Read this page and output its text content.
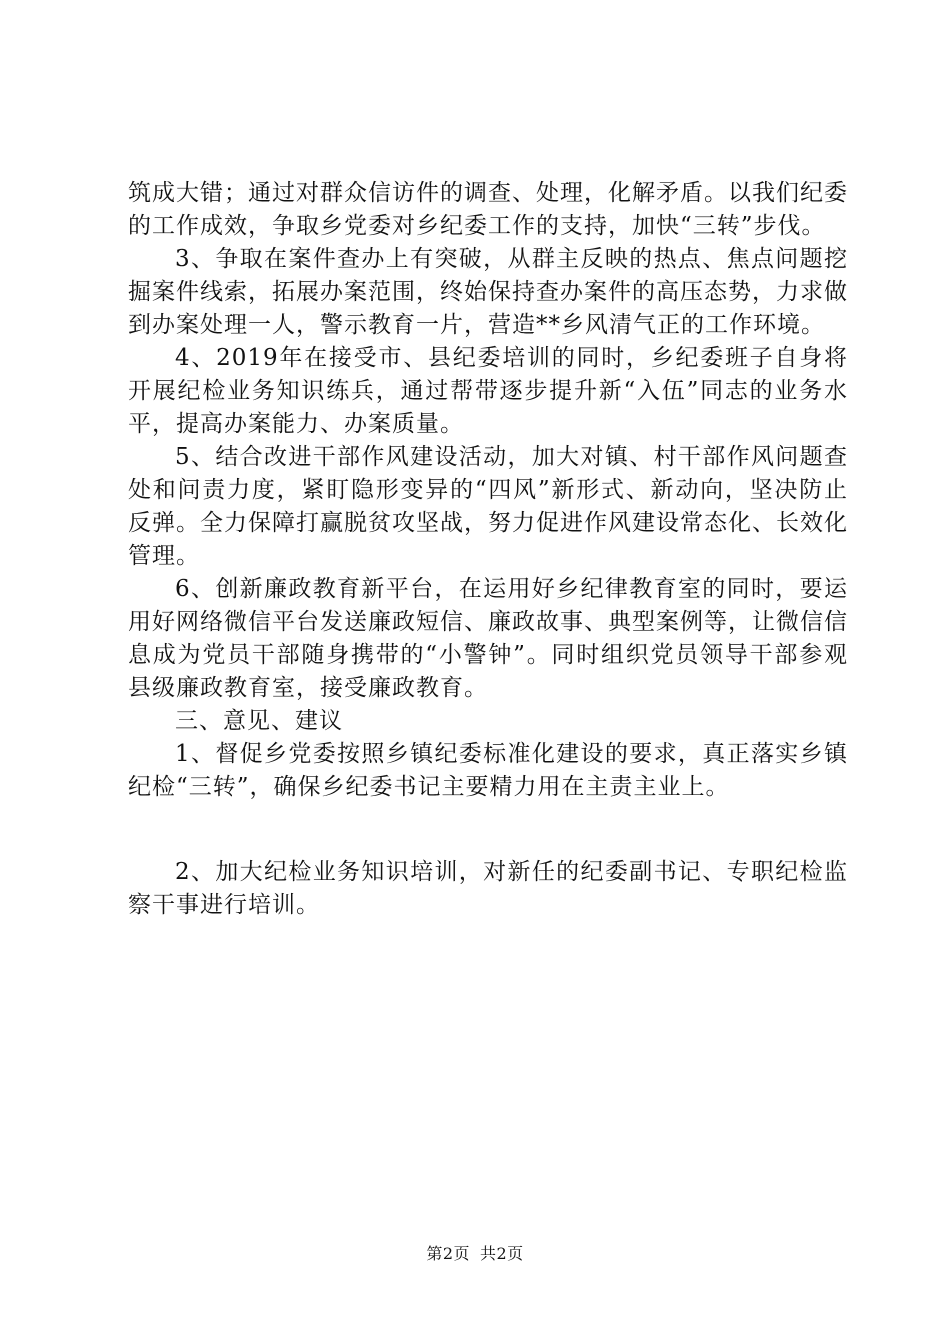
筑成大错；通过对群众信访件的调查、处理，化解矛盾。以我们纪委的工作成效，争取乡党委对乡纪委工作的支持，加快“三转”步伐。

3、争取在案件查办上有突破，从群主反映的热点、焦点问题挖掘案件线索，拓展办案范围，终始保持查办案件的高压态势，力求做到办案处理一人，警示教育一片，营造**乡风清气正的工作环境。

4、2019年在接受市、县纪委培训的同时，乡纪委班子自身将开展纪检业务知识练兵，通过帮带逐步提升新“入伍”同志的业务水平，提高办案能力、办案质量。

5、结合改进干部作风建设活动，加大对镇、村干部作风问题查处和问责力度，紧盯隐形变异的“四风”新形式、新动向，坚决防止反弹。全力保障打赢脱贫攻坚战，努力促进作风建设常态化、长效化管理。

6、创新廉政教育新平台，在运用好乡纪律教育室的同时，要运用好网络微信平台发送廉政短信、廉政故事、典型案例等，让微信信息成为党员干部随身携带的“小警钟”。同时组织党员领导干部参观县级廉政教育室，接受廉政教育。

三、意见、建议

1、督促乡党委按照乡镇纪委标准化建设的要求，真正落实乡镇纪检“三转”，确保乡纪委书记主要精力用在主责主业上。

2、加大纪检业务知识培训，对新任的纪委副书记、专职纪检监察干事进行培训。

第2页 共2页
